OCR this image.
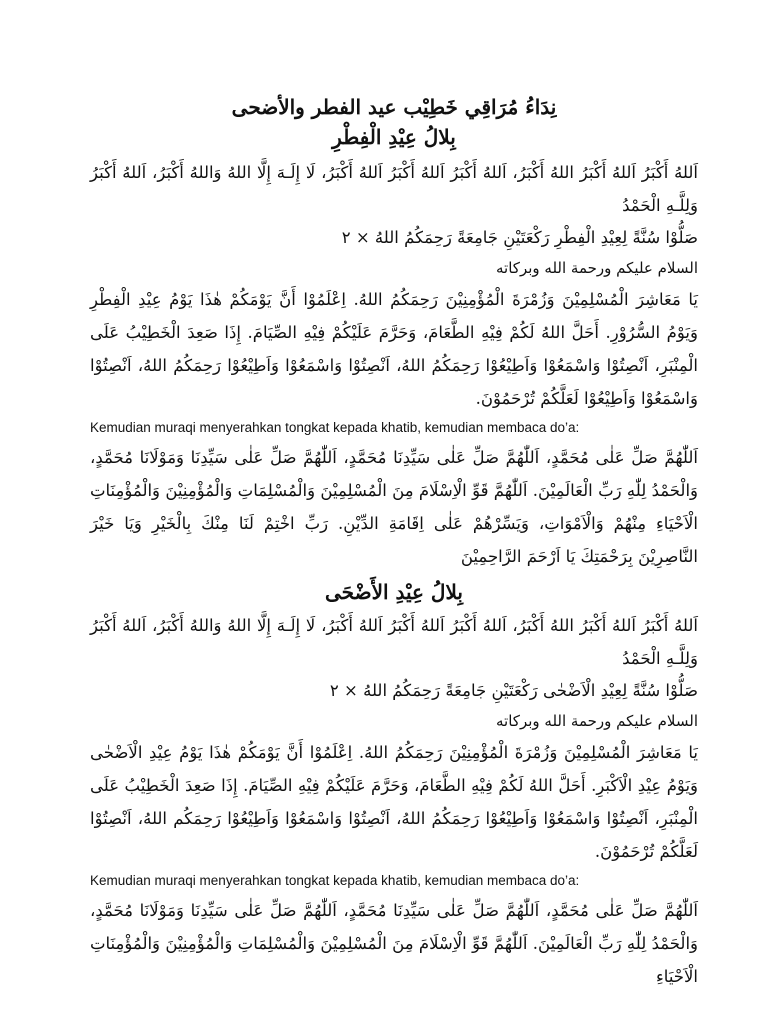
نِدَاءُ مُرَاقِي خَطِيْب عيد الفطر والأضحى
بِلالُ عِيْدِ الْفِطْرِ

اَللهُ أَكْبَرُ اَللهُ أَكْبَرُ اللهُ أَكْبَرُ، اَللهُ أَكْبَرُ اَللهُ أَكْبَرُ اَللهُ أَكْبَرُ، لَا إِلَـهَ إِلَّا اللهُ وَاللهُ أَكْبَرُ، اَللهُ أَكْبَرُ وَلِلَّـهِ الْحَمْدُ

صَلُّوْا سُنَّةً لِعِيْدِ الْفِطْرِ رَكْعَتَيْنِ جَامِعَةً رَحِمَكُمُ اللهُ × ٢

السلام عليكم ورحمة الله وبركاته

يَا مَعَاشِرَ الْمُسْلِمِيْنَ وَزُمْرَةَ الْمُؤْمِنِيْنَ رَحِمَكُمُ اللهُ. اِعْلَمُوْا أَنَّ يَوْمَكُمْ هٰذَا يَوْمُ عِيْدِ الْفِطْرِ وَيَوْمُ السُّرُوْرِ. أَحَلَّ اللهُ لَكُمْ فِيْهِ الطَّعَامَ، وَحَرَّمَ عَلَيْكُمْ فِيْهِ الصِّيَامَ. إِذَا صَعِدَ الْخَطِيْبُ عَلَى الْمِنْبَرِ، اَنْصِتُوْا وَاسْمَعُوْا وَاَطِيْعُوْا رَحِمَكُمُ اللهُ، اَنْصِتُوْا وَاسْمَعُوْا وَاَطِيْعُوْا رَحِمَكُمُ اللهُ، اَنْصِتُوْا وَاسْمَعُوْا وَاَطِيْعُوْا لَعَلَّكُمْ تُرْحَمُوْنَ.

Kemudian muraqi menyerahkan tongkat kepada khatib, kemudian membaca do’a:

اَللّٰهُمَّ صَلِّ عَلٰى مُحَمَّدٍ، اَللّٰهُمَّ صَلِّ عَلٰى سَيِّدِنَا مُحَمَّدٍ، اَللّٰهُمَّ صَلِّ عَلٰى سَيِّدِنَا وَمَوْلَانَا مُحَمَّدٍ، وَالْحَمْدُ لِلّٰهِ رَبِّ الْعَالَمِيْنَ. اَللّٰهُمَّ قَوِّ الْاِسْلَامَ مِنَ الْمُسْلِمِيْنَ وَالْمُسْلِمَاتِ وَالْمُؤْمِنِيْنَ وَالْمُؤْمِنَاتِ الْاَحْيَاءِ مِنْهُمْ وَالْاَمْوَاتِ، وَيَسِّرْهُمْ عَلٰى اِقَامَةِ الدِّيْنِ. رَبِّ اخْتِمْ لَنَا مِنْكَ بِالْخَيْرِ وَيَا خَيْرَ النَّاصِرِيْنَ بِرَحْمَتِكَ يَا اَرْحَمَ الرَّاحِمِيْنَ

بِلالُ عِيْدِ الأَضْحَى

اَللهُ أَكْبَرُ اَللهُ أَكْبَرُ اللهُ أَكْبَرُ، اَللهُ أَكْبَرُ اَللهُ أَكْبَرُ اَللهُ أَكْبَرُ، لَا إِلَـهَ إِلَّا اللهُ وَاللهُ أَكْبَرُ، اَللهُ أَكْبَرُ وَلِلَّـهِ الْحَمْدُ

صَلُّوْا سُنَّةً لِعِيْدِ الْاَضْحٰى رَكْعَتَيْنِ جَامِعَةً رَحِمَكُمُ اللهُ × ٢

السلام عليكم ورحمة الله وبركاته

يَا مَعَاشِرَ الْمُسْلِمِيْنَ وَزُمْرَةَ الْمُؤْمِنِيْنَ رَحِمَكُمُ اللهُ. اِعْلَمُوْا أَنَّ يَوْمَكُمْ هٰذَا يَوْمُ عِيْدِ الْاَضْحٰى وَيَوْمُ عِيْدِ الْاَكْبَرِ. أَحَلَّ اللهُ لَكُمْ فِيْهِ الطَّعَامَ، وَحَرَّمَ عَلَيْكُمْ فِيْهِ الصِّيَامَ. إِذَا صَعِدَ الْخَطِيْبُ عَلَى الْمِنْبَرِ، اَنْصِتُوْا وَاسْمَعُوْا وَاَطِيْعُوْا رَحِمَكُمُ اللهُ، اَنْصِتُوْا وَاسْمَعُوْا وَاَطِيْعُوْا رَحِمَكُم اللهُ، اَنْصِتُوْا لَعَلَّكُمْ تُرْحَمُوْنَ.

Kemudian muraqi menyerahkan tongkat kepada khatib, kemudian membaca do’a:

اَللّٰهُمَّ صَلِّ عَلٰى مُحَمَّدٍ، اَللّٰهُمَّ صَلِّ عَلٰى سَيِّدِنَا مُحَمَّدٍ، اَللّٰهُمَّ صَلِّ عَلٰى سَيِّدِنَا وَمَوْلَانَا مُحَمَّدٍ، وَالْحَمْدُ لِلّٰهِ رَبِّ الْعَالَمِيْنَ. اَللّٰهُمَّ قَوِّ الْاِسْلَامَ مِنَ الْمُسْلِمِيْنَ وَالْمُسْلِمَاتِ وَالْمُؤْمِنِيْنَ وَالْمُؤْمِنَاتِ الْاَحْيَاءِ
